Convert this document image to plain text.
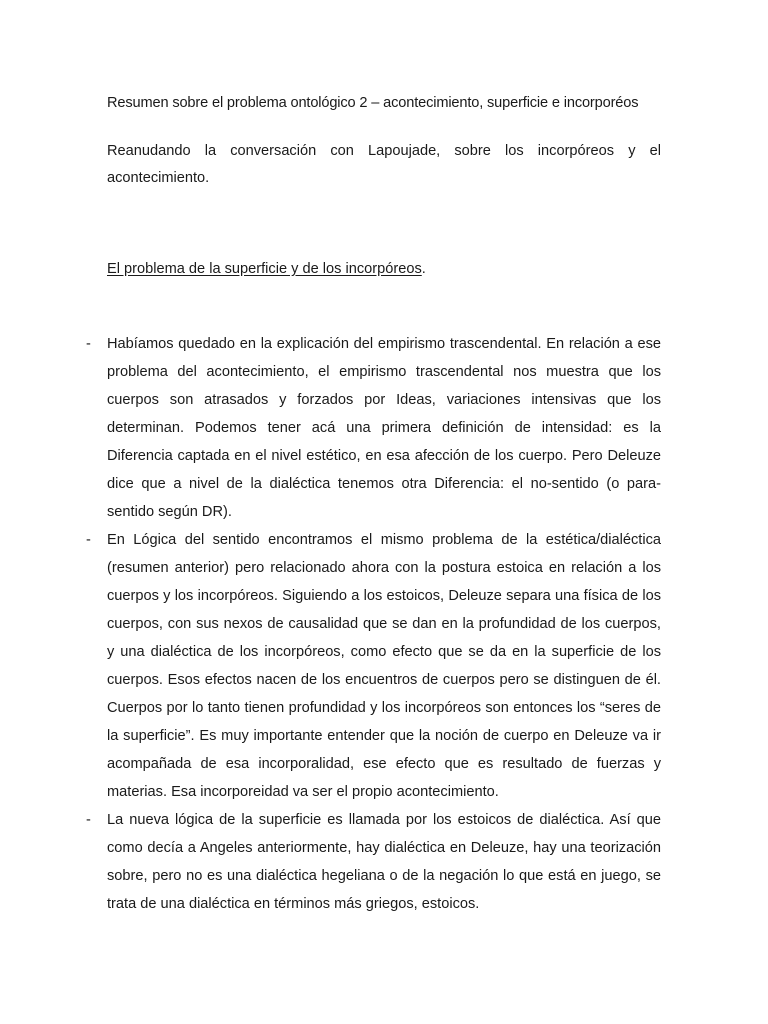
Resumen sobre el problema ontológico 2 – acontecimiento, superficie e incorporéos
Reanudando la conversación con Lapoujade, sobre los incorpóreos y el acontecimiento.
El problema de la superficie y de los incorpóreos.
- Habíamos quedado en la explicación del empirismo trascendental. En relación a ese problema del acontecimiento, el empirismo trascendental nos muestra que los cuerpos son atrasados y forzados por Ideas, variaciones intensivas que los determinan. Podemos tener acá una primera definición de intensidad: es la Diferencia captada en el nivel estético, en esa afección de los cuerpo. Pero Deleuze dice que a nivel de la dialéctica tenemos otra Diferencia: el no-sentido (o para-sentido según DR).
- En Lógica del sentido encontramos el mismo problema de la estética/dialéctica (resumen anterior) pero relacionado ahora con la postura estoica en relación a los cuerpos y los incorpóreos. Siguiendo a los estoicos, Deleuze separa una física de los cuerpos, con sus nexos de causalidad que se dan en la profundidad de los cuerpos, y una dialéctica de los incorpóreos, como efecto que se da en la superficie de los cuerpos. Esos efectos nacen de los encuentros de cuerpos pero se distinguen de él. Cuerpos por lo tanto tienen profundidad y los incorpóreos son entonces los “seres de la superficie”. Es muy importante entender que la noción de cuerpo en Deleuze va ir acompañada de esa incorporalidad, ese efecto que es resultado de fuerzas y materias. Esa incorporeidad va ser el propio acontecimiento.
- La nueva lógica de la superficie es llamada por los estoicos de dialéctica. Así que como decía a Angeles anteriormente, hay dialéctica en Deleuze, hay una teorización sobre, pero no es una dialéctica hegeliana o de la negación lo que está en juego, se trata de una dialéctica en términos más griegos, estoicos.
